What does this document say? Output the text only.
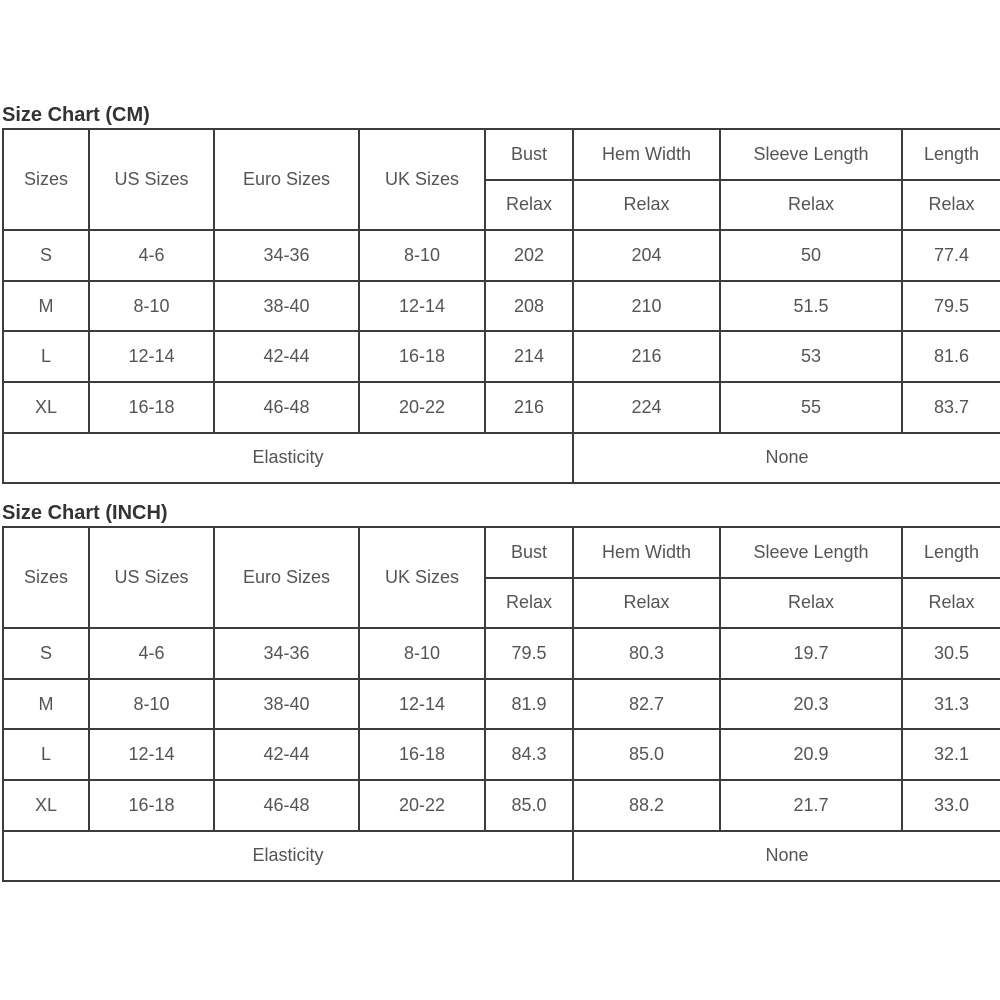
Size Chart (CM)
Sizes	US Sizes	Euro Sizes	UK Sizes	Bust	Hem Width	Sleeve Length	Length
				Relax	Relax	Relax	Relax
S	4-6	34-36	8-10	202	204	50	77.4
M	8-10	38-40	12-14	208	210	51.5	79.5
L	12-14	42-44	16-18	214	216	53	81.6
XL	16-18	46-48	20-22	216	224	55	83.7
Elasticity					None		
Size Chart (INCH)
Sizes	US Sizes	Euro Sizes	UK Sizes	Bust	Hem Width	Sleeve Length	Length
				Relax	Relax	Relax	Relax
S	4-6	34-36	8-10	79.5	80.3	19.7	30.5
M	8-10	38-40	12-14	81.9	82.7	20.3	31.3
L	12-14	42-44	16-18	84.3	85.0	20.9	32.1
XL	16-18	46-48	20-22	85.0	88.2	21.7	33.0
Elasticity					None		
